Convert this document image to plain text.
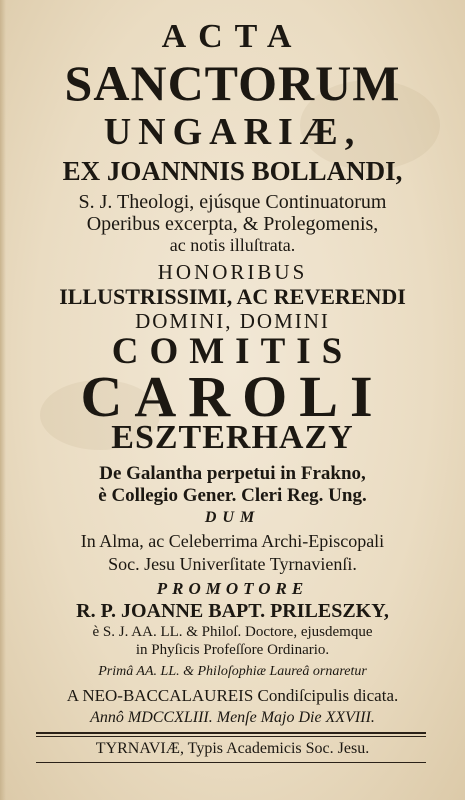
ACTA
SANCTORUM
UNGARIÆ,
EX JOANNNIS BOLLANDI,
S. J. Theologi, ejúsque Continuatorum
Operibus excerpta, & Prolegomenis,
ac notis illuſtrata.
HONORIBUS
ILLUSTRISSIMI, AC REVERENDI
DOMINI, DOMINI
COMITIS
CAROLI
ESZTERHAZY
De Galantha perpetui in Frakno,
è Collegio Gener. Cleri Reg. Ung.
DUM
In Alma, ac Celeberrima Archi-Episcopali
Soc. Jesu Univerſitate Tyrnavienſi.
PROMOTORE
R. P. JOANNE BAPT. PRILESZKY,
è S. J. AA. LL. & Philoſ. Doctore, ejusdemque
in Phyſicis Profeſſore Ordinario.
Primâ AA. LL. & Philoſophiæ Laureâ ornaretur
A NEO-BACCALAUREIS Condiſcipulis dicata.
Annô MDCCXLIII. Menſe Majo Die XXVIII.
TYRNAVIÆ, Typis Academicis Soc. Jesu.
